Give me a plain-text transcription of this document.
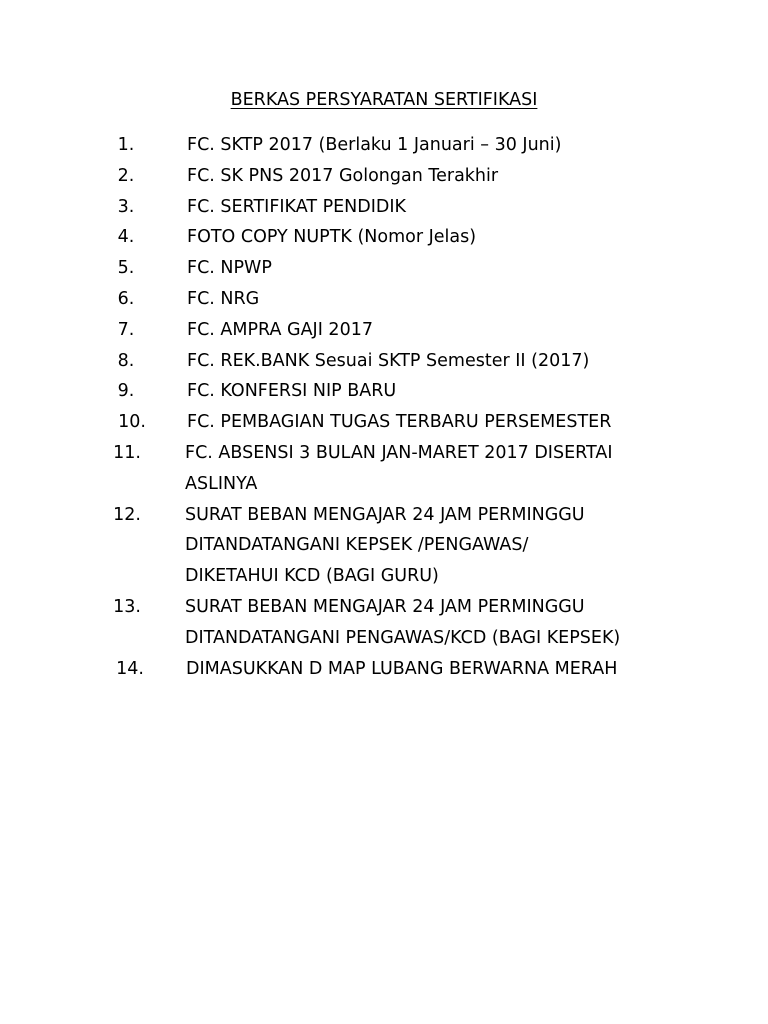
BERKAS PERSYARATAN SERTIFIKASI
1.	FC. SKTP 2017 (Berlaku 1 Januari – 30 Juni)
2.	FC. SK PNS 2017 Golongan Terakhir
3.	FC. SERTIFIKAT PENDIDIK
4.	FOTO COPY NUPTK (Nomor Jelas)
5.	FC. NPWP
6.	FC. NRG
7.	FC. AMPRA GAJI 2017
8.	FC. REK.BANK Sesuai SKTP Semester II (2017)
9.	FC. KONFERSI NIP BARU
10.	FC. PEMBAGIAN TUGAS TERBARU PERSEMESTER
11.	FC. ABSENSI 3 BULAN JAN-MARET 2017 DISERTAI
ASLINYA
12.	SURAT BEBAN MENGAJAR 24 JAM PERMINGGU
DITANDATANGANI KEPSEK /PENGAWAS/
DIKETAHUI KCD (BAGI GURU)
13.	SURAT BEBAN MENGAJAR 24 JAM PERMINGGU
DITANDATANGANI PENGAWAS/KCD (BAGI KEPSEK)
14.	DIMASUKKAN D MAP LUBANG BERWARNA MERAH
